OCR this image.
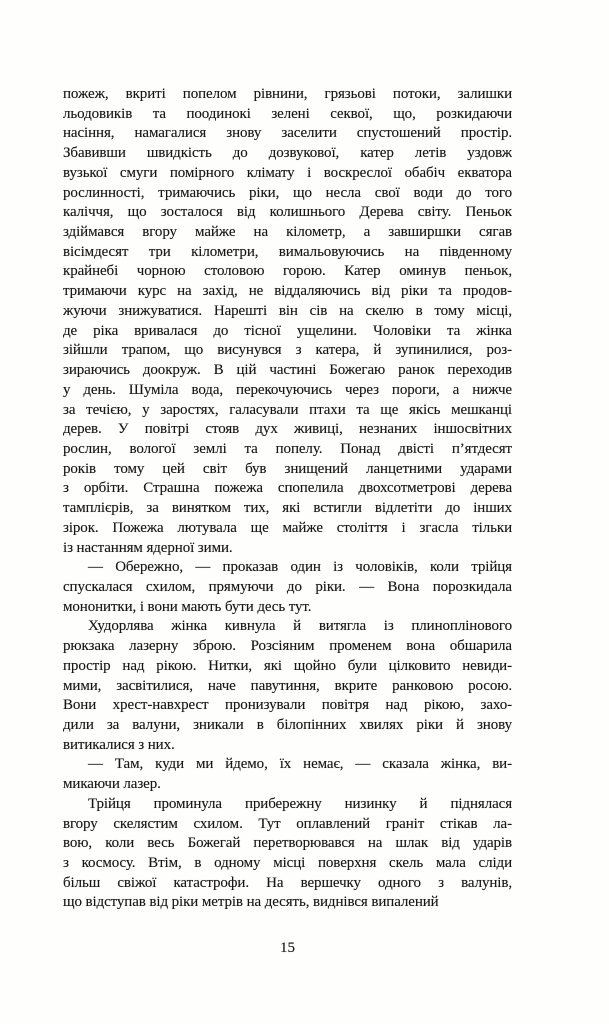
пожеж, вкриті попелом рівнини, грязьові потоки, залишки
льодовиків та поодинокі зелені секвої, що, розкидаючи
насіння, намагалися знову заселити спустошений простір.
Збавивши швидкість до дозвукової, катер летів уздовж
вузької смуги помірного клімату і воскреслої обабіч екватора
рослинності, тримаючись ріки, що несла свої води до того
каліччя, що зосталося від колишнього Дерева світу. Пеньок
здіймався вгору майже на кілометр, а завширшки сягав
вісімдесят три кілометри, вимальовуючись на південному
крайнебі чорною столовою горою. Катер оминув пеньок,
тримаючи курс на захід, не віддаляючись від ріки та продов-
жуючи знижуватися. Нарешті він сів на скелю в тому місці,
де ріка вривалася до тісної ущелини. Чоловіки та жінка
зійшли трапом, що висунувся з катера, й зупинилися, роз-
зираючись доокруж. В цій частині Божегаю ранок переходив
у день. Шуміла вода, перекочуючись через пороги, а нижче
за течією, у заростях, галасували птахи та ще якісь мешканці
дерев. У повітрі стояв дух живиці, незнаних іншосвітних
рослин, вологої землі та попелу. Понад двісті п’ятдесят
років тому цей світ був знищений ланцетними ударами
з орбіти. Страшна пожежа спопелила двохсотметрові дерева
тамплієрів, за винятком тих, які встигли відлетіти до інших
зірок. Пожежа лютувала ще майже століття і згасла тільки
із настанням ядерної зими.
— Обережно, — проказав один із чоловіків, коли трійця
спускалася схилом, прямуючи до ріки. — Вона порозкидала
мононитки, і вони мають бути десь тут.
Худорлява жінка кивнула й витягла із плиноплінового
рюкзака лазерну зброю. Розсіяним променем вона обшарила
простір над рікою. Нитки, які щойно були цілковито невиди-
мими, засвітилися, наче павутиння, вкрите ранковою росою.
Вони хрест-навхрест пронизували повітря над рікою, захо-
дили за валуни, зникали в білопінних хвилях ріки й знову
витикалися з них.
— Там, куди ми йдемо, їх немає, — сказала жінка, ви-
микаючи лазер.
Трійця проминула прибережну низинку й піднялася
вгору скелястим схилом. Тут оплавлений граніт стікав ла-
вою, коли весь Божегай перетворювався на шлак від ударів
з космосу. Втім, в одному місці поверхня скель мала сліди
більш свіжої катастрофи. На вершечку одного з валунів,
що відступав від ріки метрів на десять, виднівся випалений
15
